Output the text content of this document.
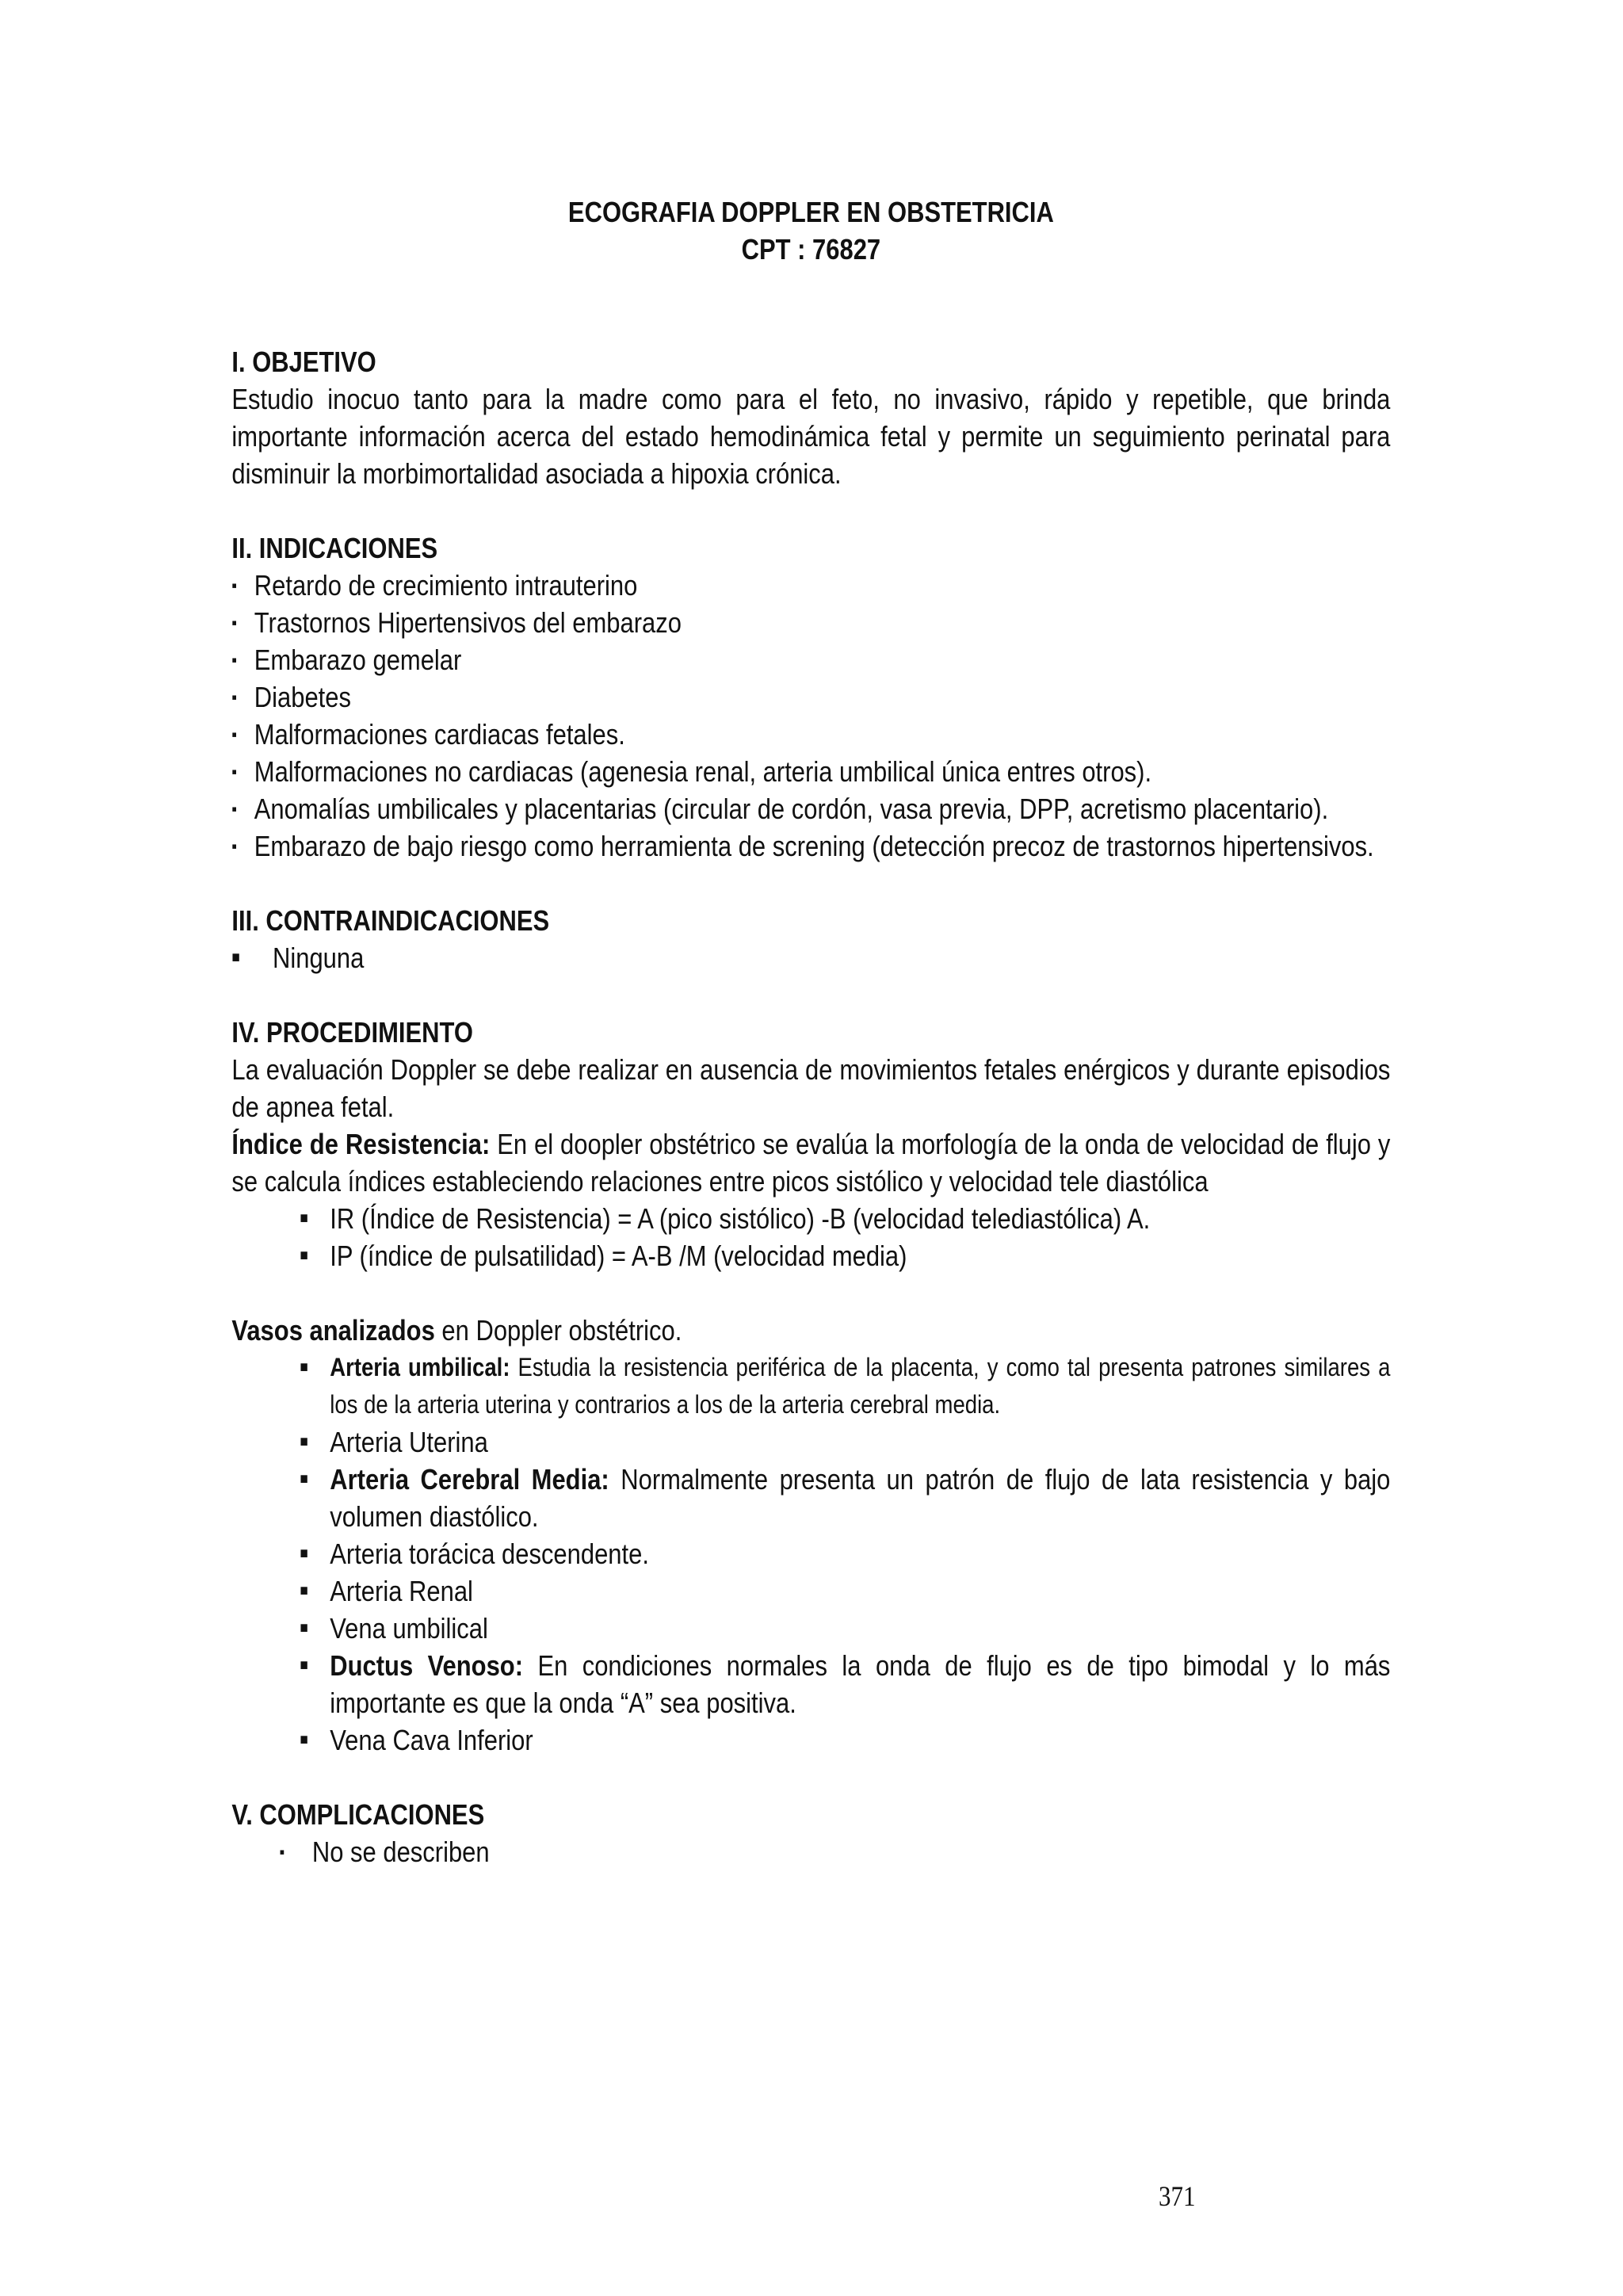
ECOGRAFIA DOPPLER EN OBSTETRICIA
CPT : 76827
I. OBJETIVO

Estudio inocuo tanto para la madre como para el feto, no invasivo, rápido y repetible, que brinda importante información acerca del estado hemodinámica fetal y permite un seguimiento perinatal para disminuir la morbimortalidad asociada a hipoxia crónica.

II. INDICACIONES
▪ Retardo de crecimiento intrauterino
▪ Trastornos Hipertensivos del embarazo
▪ Embarazo gemelar
▪ Diabetes
▪ Malformaciones cardiacas fetales.
▪ Malformaciones no cardiacas (agenesia renal, arteria umbilical única entres otros).
▪ Anomalías umbilicales y placentarias (circular de cordón, vasa previa, DPP, acretismo placentario).
▪ Embarazo de bajo riesgo como herramienta de screning (detección precoz de trastornos hipertensivos.
III. CONTRAINDICACIONES
■ Ninguna
IV. PROCEDIMIENTO

La evaluación Doppler se debe realizar en ausencia de movimientos fetales enérgicos y durante episodios de apnea fetal.

Índice de Resistencia: En el doopler obstétrico se evalúa la morfología de la onda de velocidad de flujo y se calcula índices estableciendo relaciones entre picos sistólico y velocidad tele diastólica

■ IR (Índice de Resistencia) = A (pico sistólico) -B (velocidad telediastólica) A.
■ IP (índice de pulsatilidad) = A-B /M (velocidad media)

Vasos analizados en Doppler obstétrico.

■ Arteria umbilical: Estudia la resistencia periférica de la placenta, y como tal presenta patrones similares a los de la arteria uterina y contrarios a los de la arteria cerebral media.
■ Arteria Uterina
■ Arteria Cerebral Media: Normalmente presenta un patrón de flujo de lata resistencia y bajo volumen diastólico.
■ Arteria torácica descendente.
■ Arteria Renal
■ Vena umbilical
■ Ductus Venoso: En condiciones normales la onda de flujo es de tipo bimodal y lo más importante es que la onda “A” sea positiva.
■ Vena Cava Inferior
V. COMPLICACIONES
▪ No se describen
371
